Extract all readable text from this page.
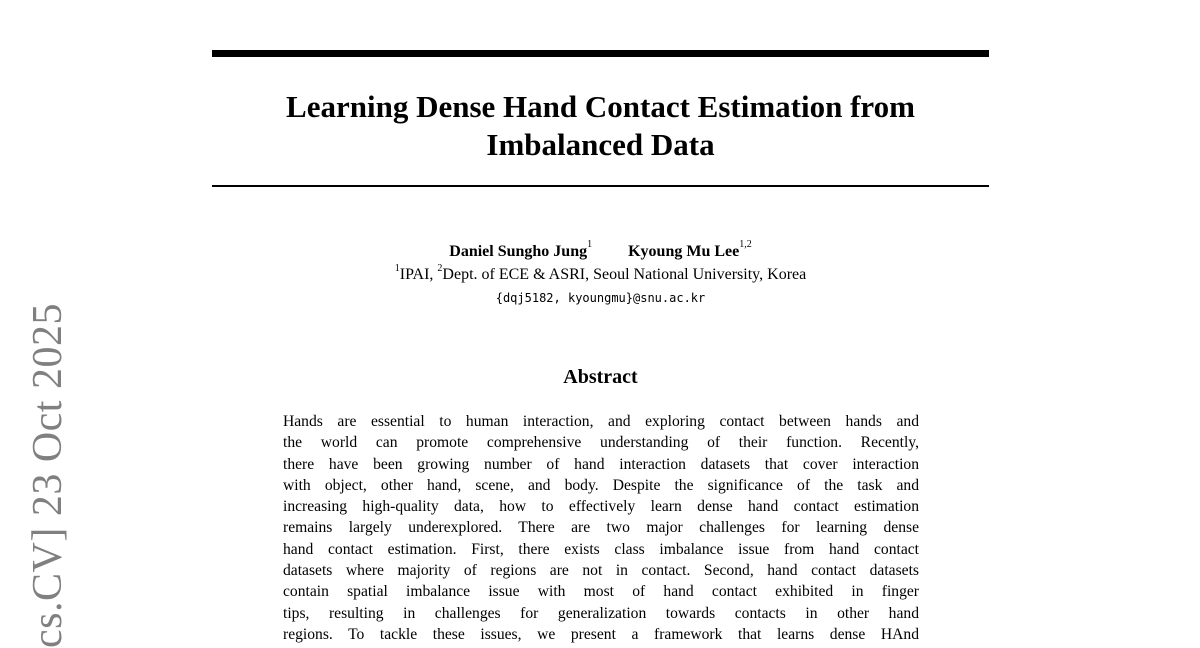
Learning Dense Hand Contact Estimation from
Imbalanced Data
Daniel Sungho Jung$^1$ Kyoung Mu Lee$^{1,2}$
$^1$IPAI, $^2$Dept. of ECE & ASRI, Seoul National University, Korea
{dqj5182, kyoungmu}@snu.ac.kr
Abstract
Hands are essential to human interaction, and exploring contact between hands and
the world can promote comprehensive understanding of their function. Recently,
there have been growing number of hand interaction datasets that cover interaction
with object, other hand, scene, and body. Despite the significance of the task and
increasing high-quality data, how to effectively learn dense hand contact estimation
remains largely underexplored. There are two major challenges for learning dense
hand contact estimation. First, there exists class imbalance issue from hand contact
datasets where majority of regions are not in contact. Second, hand contact datasets
contain spatial imbalance issue with most of hand contact exhibited in finger
tips, resulting in challenges for generalization towards contacts in other hand
regions. To tackle these issues, we present a framework that learns dense HAnd
cs.CV] 23 Oct 2025
